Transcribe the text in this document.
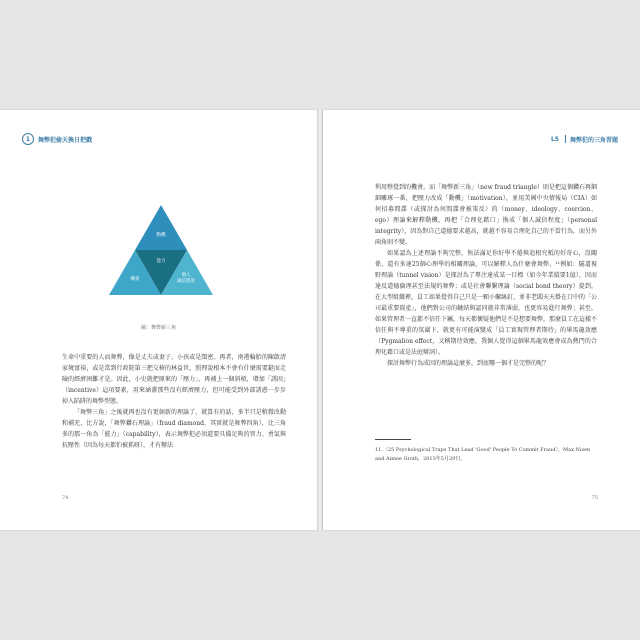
1	舞弊犯偷天換日把戲
動機
能力
機會
個人
誠信程度
圖：舞弊新三角

生命中重要的人而舞弊，像是丈夫或妻子、小孩或是閨密。再者，南港輪胎的陳啟清家境富裕，或是當到行政院第三把交椅的林益世，照理說根本不會有什麼需要鋌而走險的經濟困難才是。因此，小史就把原來的「壓力」，再補上一個斜槓，增加「誘因」（incentive）這項要素，用來涵蓋那些沒有經濟壓力，但可能受到外部誘惑一步步掉入陷阱的舞弊型態。

「舞弊三角」之後就再也沒有更創新的理論了，就算有的話，多半只是稍微改動和補充，比方說，「舞弊鑽石理論」（fraud diamond，其實就是舞弊四角），比三角多的那一角為「能力」（capability），表示舞弊犯必須還要具備足夠的智力、勇氣與抗壓性（因為每天都怕被抓呀），才有辦法

74
L5	舞弊犯的三角習題

利用整覺到的機會。而「舞弊新三角」（new fraud triangle）則是把這個鑽石再細細雕琢一番，把壓力改成「動機」（motivation），並用美國中央情報局（CIA）如何招募間諜（或探討為何間諜會被策反）的（money、ideology、coercion、ego）理論來解釋動機，再把「合理化藉口」換成「個人誠信程度」（personal integrity），因為對自己道德要求越高，就越不容易合理化自己的不當行為，而另外兩角則不變。

如果認為上述理論不夠完整，無法滿足你好學不倦與追根究柢的好奇心，沒關係，還有多達25個心理學的相關理論，可以解釋人為什麼會舞弊。¹¹例如：隧道視野理論（tunnel vision）是探討為了專注達成某一目標（如今年業績要1億），因而達反道德倫理甚至法規的舞弊；或是社會聯繫理論（social bond theory）提到，在大型組織裡，員工如果覺得自己只是一顆小螺絲釘，並非老闆天天掛在口中的「公司最重要資產」，他們對公司的鏈結與認同就非常薄弱，也更容易進行舞弊；甚至，如果管理者一直都不信任下屬，每天都懷疑他們是不是想要舞弊，那麼員工在這樣不信任與不尊重的氛圍下，就更有可能演變成「員工實現管理者期待」的畢馬龍效應（Pygmalion effect，又稱期待效應，我個人覺得這個畢馬龍效應會成為熱門的合理化藉口或是法庭辯詞）。

探討舞弊行為成因的理論這麼多，到底哪一個才是完整的呢？

11.〈25 Psychological Traps That Lead 'Good' People To Commit Fraud〉，Max Nisen and Aimee Groth，2013年5月29日。
75
